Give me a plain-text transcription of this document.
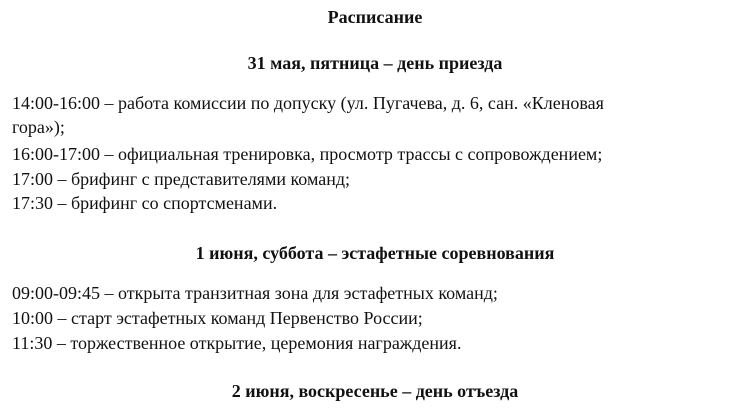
Расписание
31 мая, пятница – день приезда
14:00-16:00 – работа комиссии по допуску (ул. Пугачева, д. 6, сан. «Кленовая
гора»);
16:00-17:00 – официальная тренировка, просмотр трассы с сопровождением;
17:00 – брифинг с представителями команд;
17:30 – брифинг со спортсменами.
1 июня, суббота – эстафетные соревнования
09:00-09:45 – открыта транзитная зона для эстафетных команд;
10:00 – старт эстафетных команд Первенство России;
11:30 – торжественное открытие, церемония награждения.
2 июня, воскресенье – день отъезда
